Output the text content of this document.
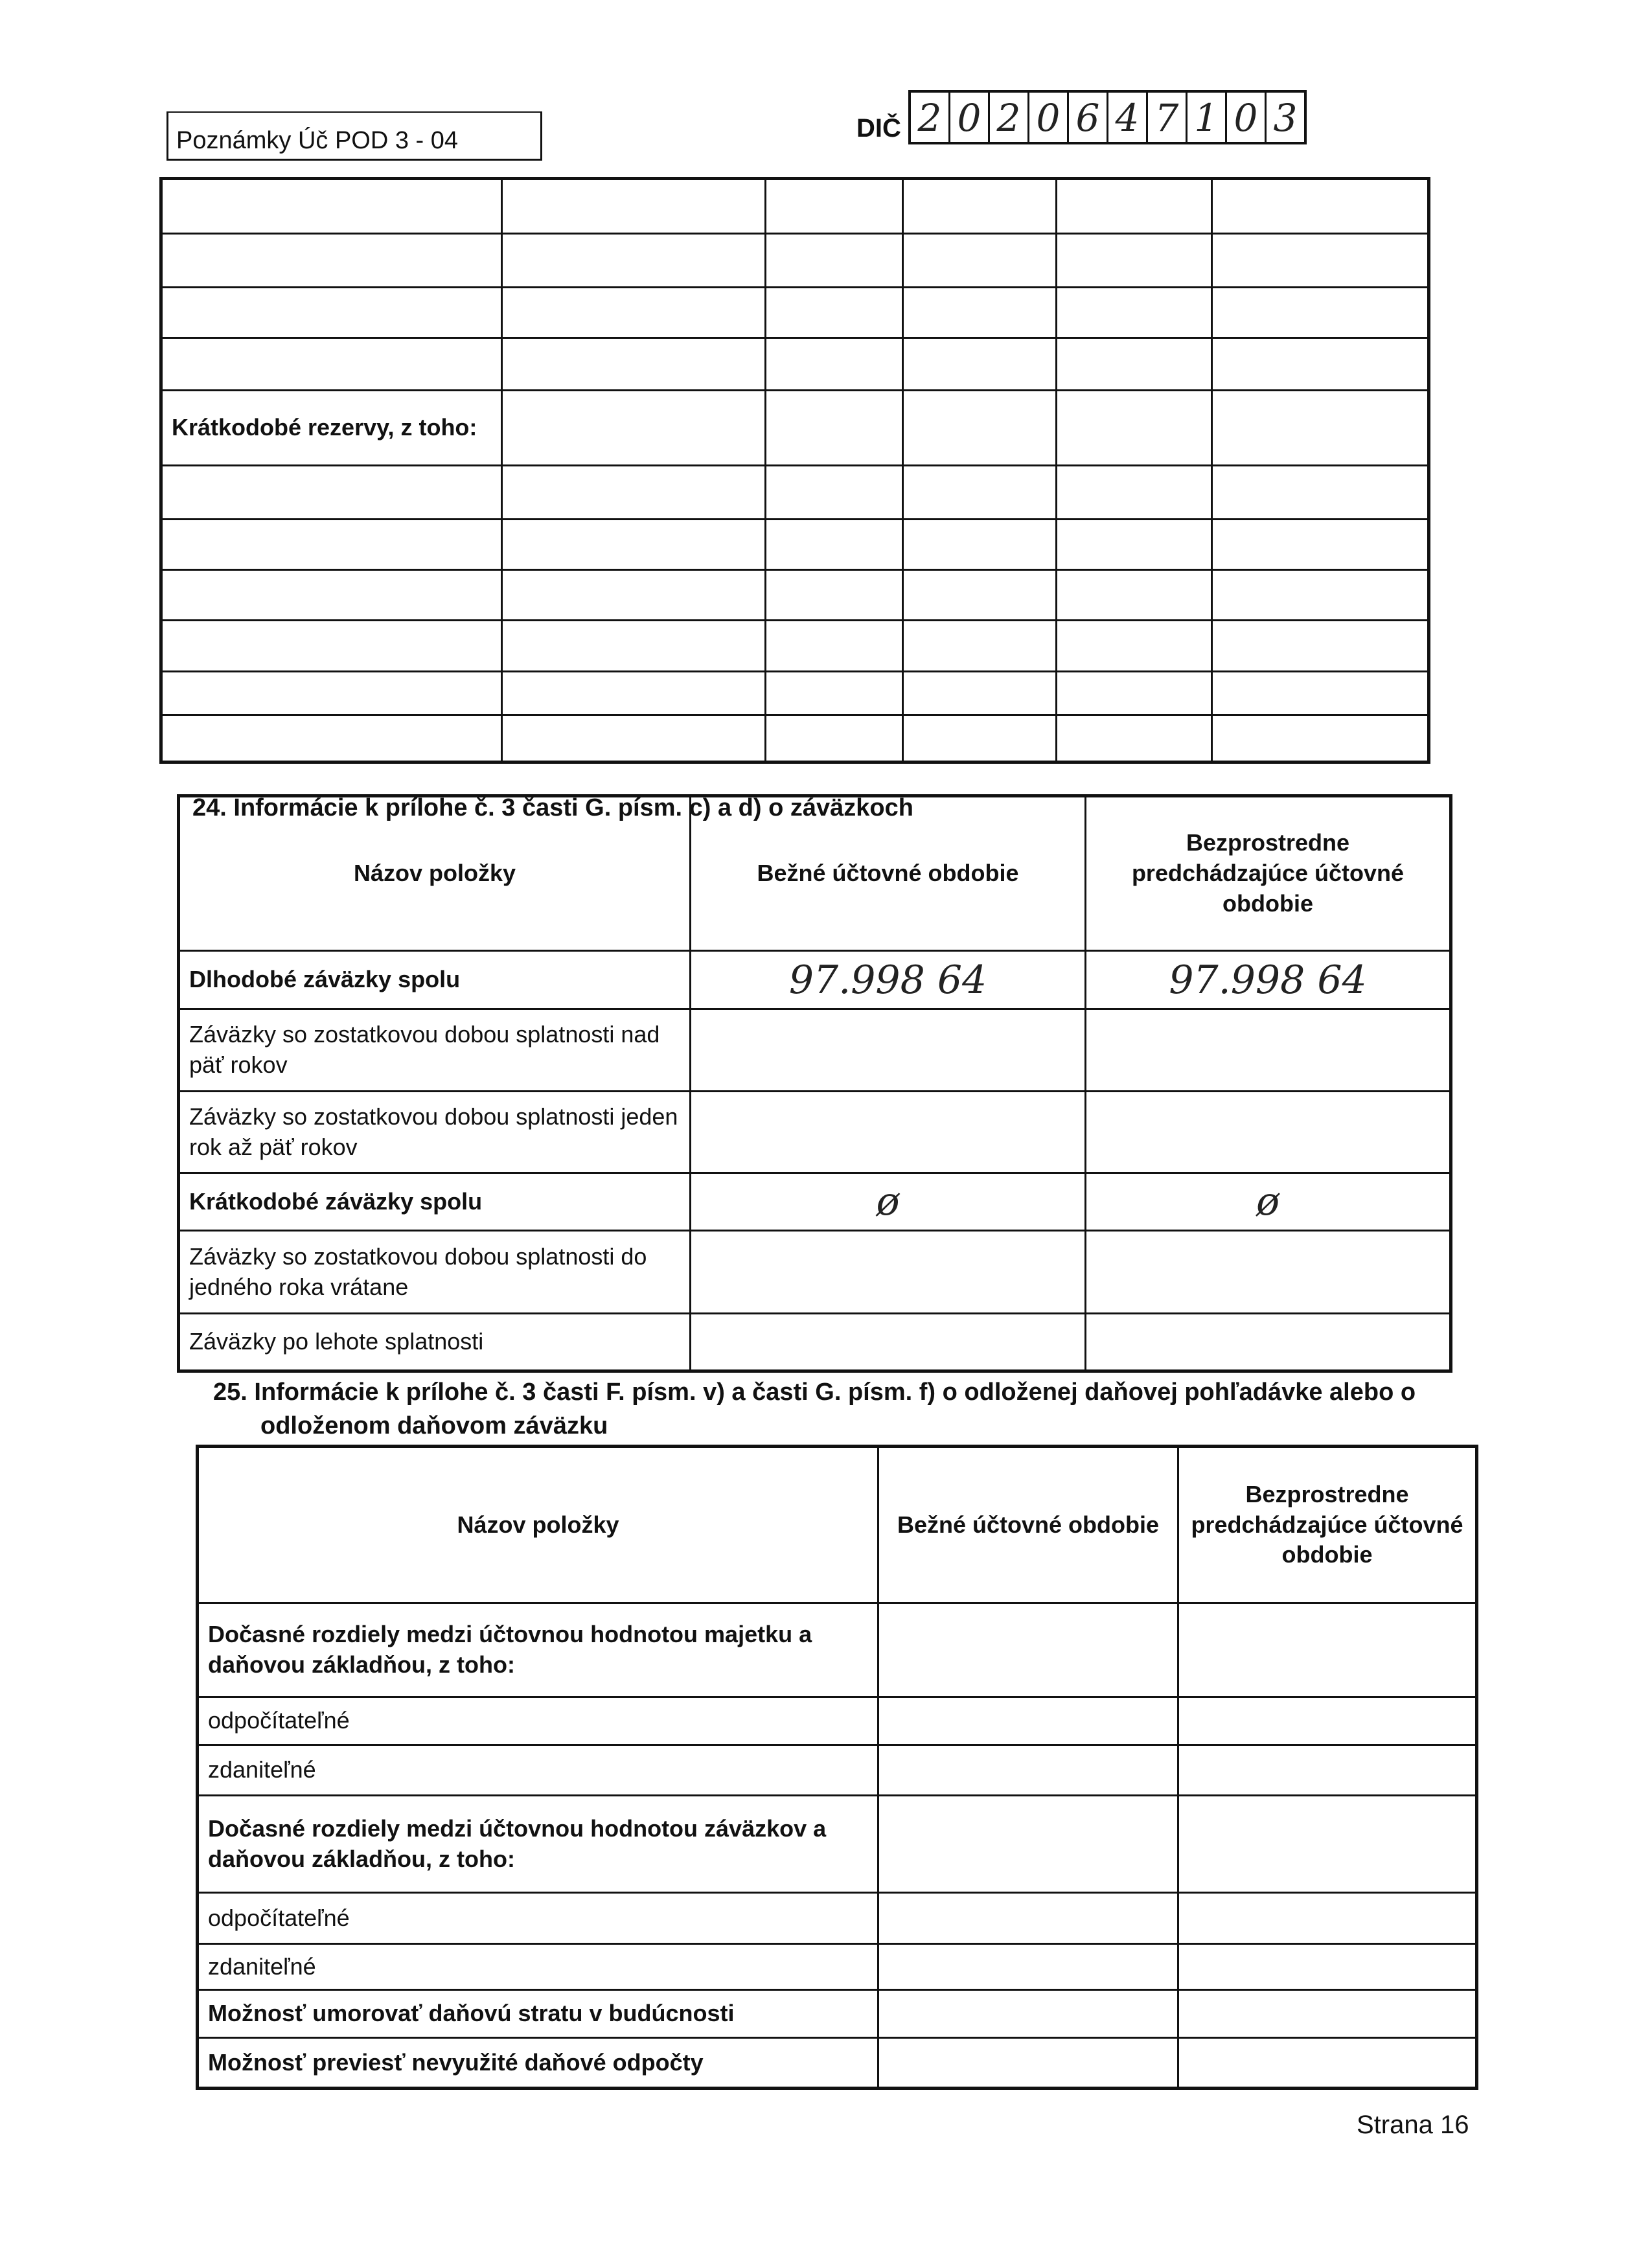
Poznámky Úč POD 3 - 04	DIČ 2 0 2 0 6 4 7 1 0 3

Krátkodobé rezervy, z toho:					

24. Informácie k prílohe č. 3 časti G. písm. c) a d) o záväzkoch
Názov položky	Bežné účtovné obdobie	Bezprostredne predchádzajúce účtovné obdobie
Dlhodobé záväzky spolu	97.998 64	97.998 64
Záväzky so zostatkovou dobou splatnosti nad päť rokov		
Záväzky so zostatkovou dobou splatnosti jeden rok až päť rokov		
Krátkodobé záväzky spolu	ø	ø
Záväzky so zostatkovou dobou splatnosti do jedného roka vrátane		
Záväzky po lehote splatnosti		
25. Informácie k prílohe č. 3 časti F. písm. v) a časti G. písm. f) o odloženej daňovej pohľadávke alebo o
odloženom daňovom záväzku
Názov položky	Bežné účtovné obdobie	Bezprostredne predchádzajúce účtovné obdobie
Dočasné rozdiely medzi účtovnou hodnotou majetku a daňovou základňou, z toho:		
odpočítateľné		
zdaniteľné		
Dočasné rozdiely medzi účtovnou hodnotou záväzkov a daňovou základňou, z toho:		
odpočítateľné		
zdaniteľné		
Možnosť umorovať daňovú stratu v budúcnosti		
Možnosť previesť nevyužité daňové odpočty		
Strana 16
